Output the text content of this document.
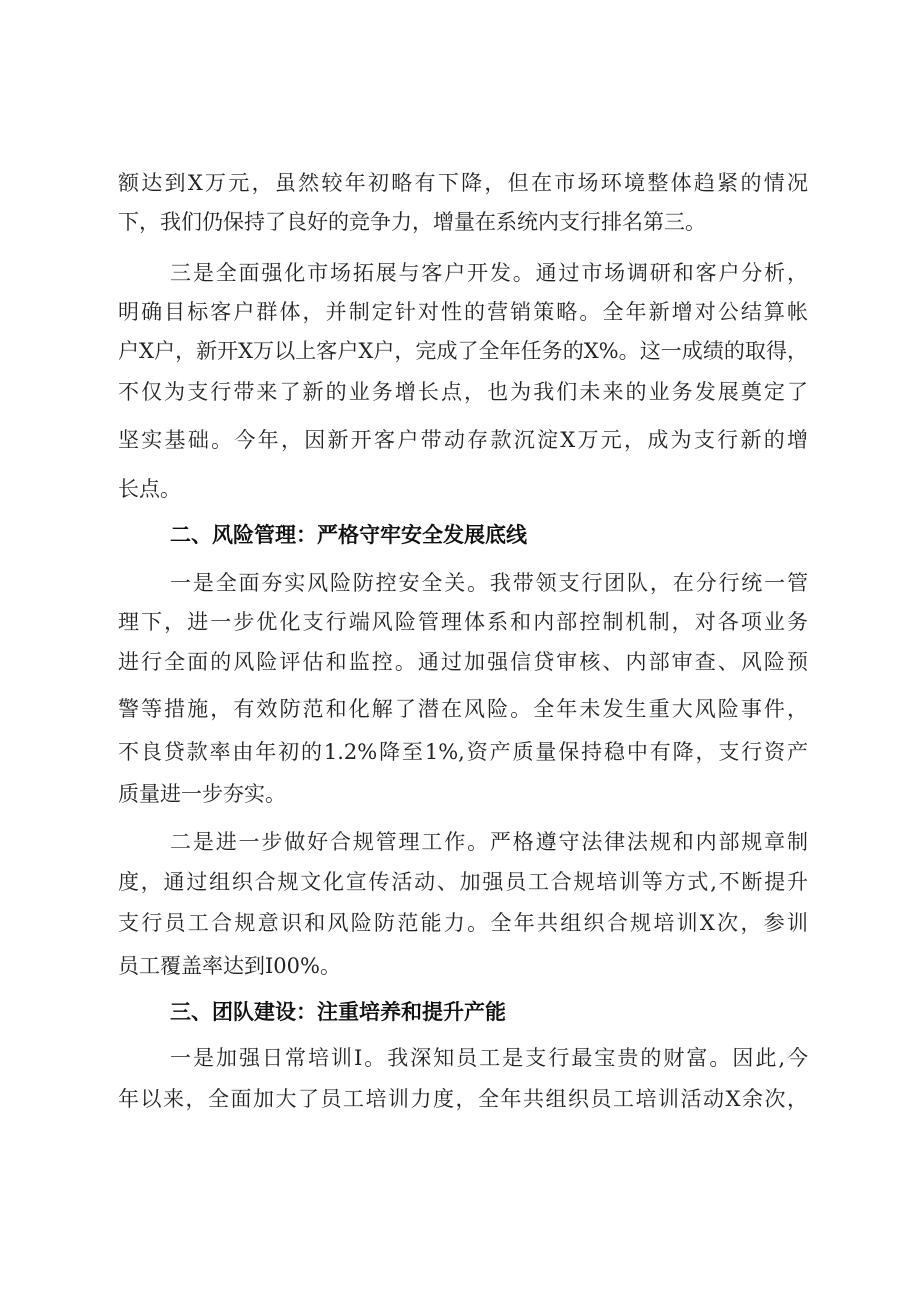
额达到X万元，虽然较年初略有下降，但在市场环境整体趋紧的情况
下，我们仍保持了良好的竞争力，增量在系统内支行排名第三。
三是全面强化市场拓展与客户开发。通过市场调研和客户分析，
明确目标客户群体，并制定针对性的营销策略。全年新增对公结算帐
户X户，新开X万以上客户X户，完成了全年任务的X%。这一成绩的取得，
不仅为支行带来了新的业务增长点，也为我们未来的业务发展奠定了
坚实基础。今年，因新开客户带动存款沉淀X万元，成为支行新的增
长点。
二、风险管理：严格守牢安全发展底线
一是全面夯实风险防控安全关。我带领支行团队，在分行统一管
理下，进一步优化支行端风险管理体系和内部控制机制，对各项业务
进行全面的风险评估和监控。通过加强信贷审核、内部审查、风险预
警等措施，有效防范和化解了潜在风险。全年未发生重大风险事件，
不良贷款率由年初的1.2%降至1%,资产质量保持稳中有降，支行资产
质量进一步夯实。
二是进一步做好合规管理工作。严格遵守法律法规和内部规章制
度，通过组织合规文化宣传活动、加强员工合规培训等方式,不断提升
支行员工合规意识和风险防范能力。全年共组织合规培训X次，参训
员工覆盖率达到I00%。
三、团队建设：注重培养和提升产能
一是加强日常培训I。我深知员工是支行最宝贵的财富。因此,今
年以来，全面加大了员工培训力度，全年共组织员工培训活动X余次，
